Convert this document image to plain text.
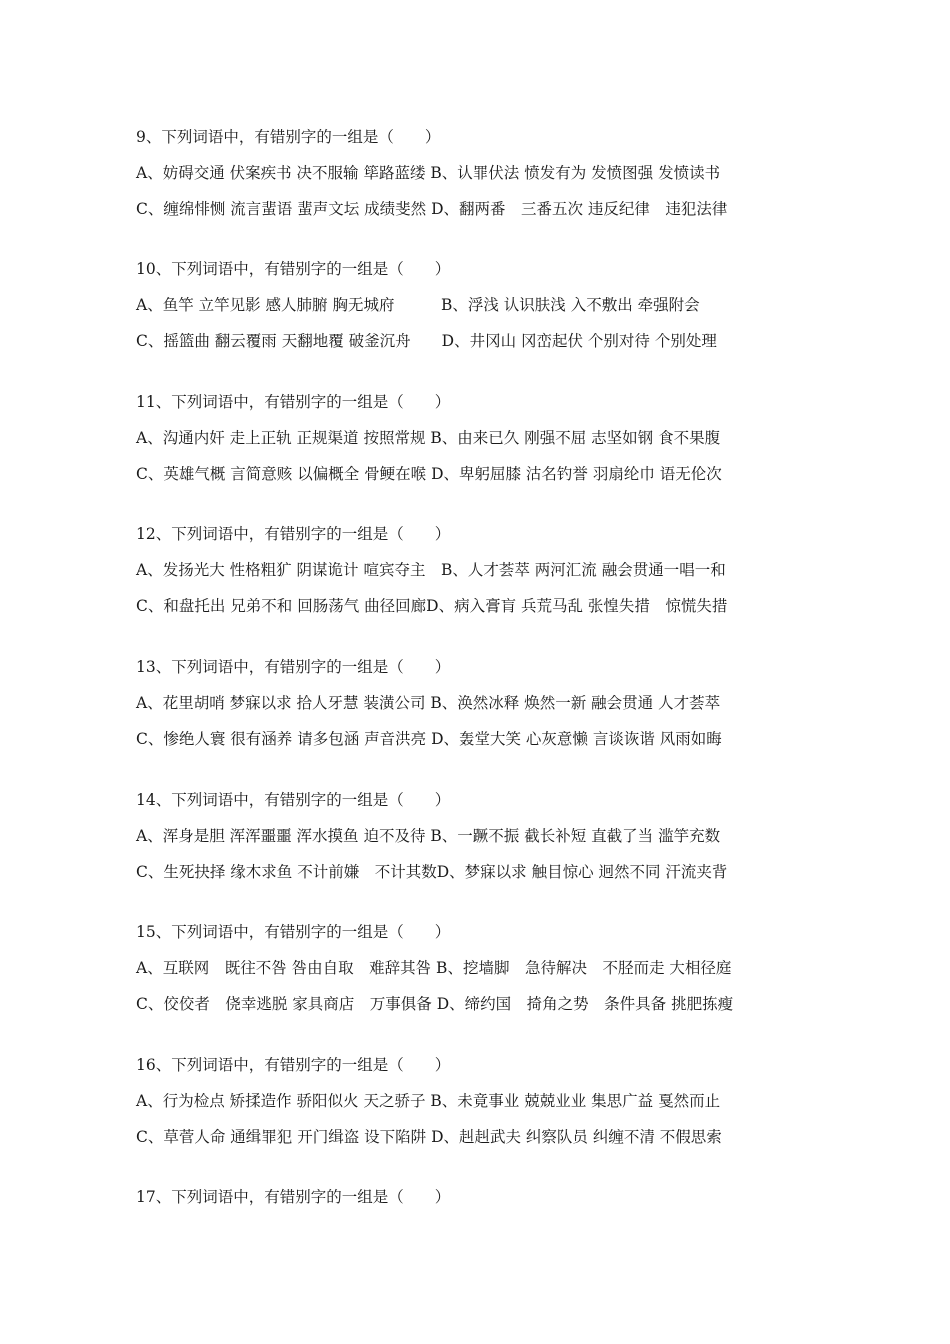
9、下列词语中，有错别字的一组是（　　）
A、妨碍交通 伏案疾书 决不服输 筚路蓝缕 B、认罪伏法 愤发有为 发愤图强 发愤读书
C、缠绵悱恻 流言蜚语 蜚声文坛 成绩斐然 D、翻两番　三番五次 违反纪律　违犯法律
10、下列词语中，有错别字的一组是（　　）
A、鱼竿 立竿见影 感人肺腑 胸无城府　　　B、浮浅 认识肤浅 入不敷出 牵强附会
C、摇篮曲 翻云覆雨 天翻地覆 破釜沉舟　　D、井冈山 冈峦起伏 个别对待 个别处理
11、下列词语中，有错别字的一组是（　　）
A、沟通内奸 走上正轨 正规渠道 按照常规 B、由来已久 刚强不屈 志坚如钢 食不果腹
C、英雄气概 言简意赅 以偏概全 骨鲠在喉 D、卑躬屈膝 沽名钓誉 羽扇纶巾 语无伦次
12、下列词语中，有错别字的一组是（　　）
A、发扬光大 性格粗犷 阴谋诡计 喧宾夺主　B、人才荟萃 两河汇流 融会贯通一唱一和
C、和盘托出 兄弟不和 回肠荡气 曲径回廊D、病入膏肓 兵荒马乱 张惶失措　惊慌失措
13、下列词语中，有错别字的一组是（　　）
A、花里胡哨 梦寐以求 拾人牙慧 装潢公司 B、涣然冰释 焕然一新 融会贯通 人才荟萃
C、惨绝人寰 很有涵养 请多包涵 声音洪亮 D、轰堂大笑 心灰意懒 言谈诙谐 风雨如晦
14、下列词语中，有错别字的一组是（　　）
A、浑身是胆 浑浑噩噩 浑水摸鱼 迫不及待 B、一蹶不振 截长补短 直截了当 滥竽充数
C、生死抉择 缘木求鱼 不计前嫌　不计其数D、梦寐以求 触目惊心 迥然不同 汗流夹背
15、下列词语中，有错别字的一组是（　　）
A、互联网　既往不咎 咎由自取　难辞其咎 B、挖墙脚　急待解决　不胫而走 大相径庭
C、佼佼者　侥幸逃脱 家具商店　万事俱备 D、缔约国　掎角之势　条件具备 挑肥拣瘦
16、下列词语中，有错别字的一组是（　　）
A、行为检点 矫揉造作 骄阳似火 天之骄子 B、未竟事业 兢兢业业 集思广益 戛然而止
C、草菅人命 通缉罪犯 开门缉盗 设下陷阱 D、赳赳武夫 纠察队员 纠缠不清 不假思索
17、下列词语中，有错别字的一组是（　　）
